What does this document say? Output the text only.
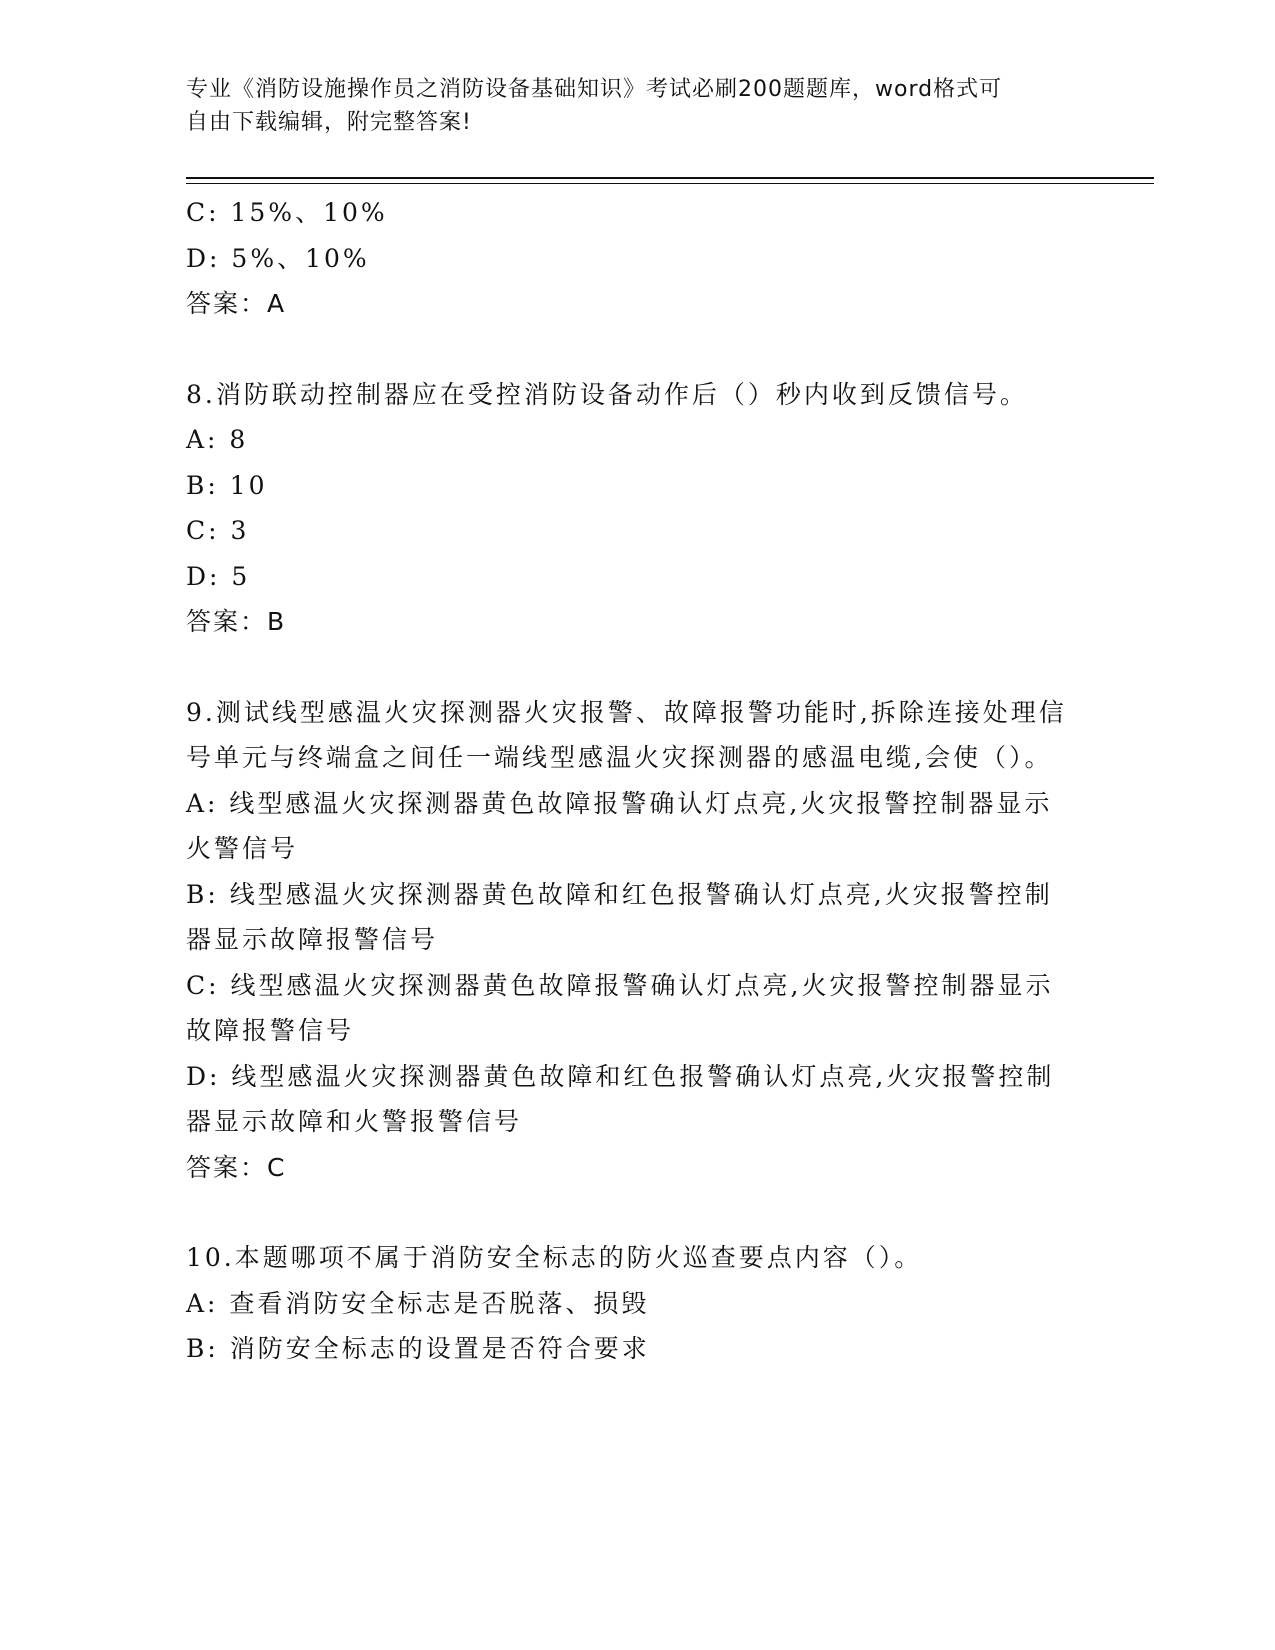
专业《消防设施操作员之消防设备基础知识》考试必刷200题题库，word格式可
自由下载编辑，附完整答案!
C: 15%、10%
D: 5%、10%
答案：A
8.消防联动控制器应在受控消防设备动作后（）秒内收到反馈信号。
A: 8
B: 10
C: 3
D: 5
答案：B
9.测试线型感温火灾探测器火灾报警、故障报警功能时,拆除连接处理信号单元与终端盒之间任一端线型感温火灾探测器的感温电缆,会使（）。
A: 线型感温火灾探测器黄色故障报警确认灯点亮,火灾报警控制器显示火警信号
B: 线型感温火灾探测器黄色故障和红色报警确认灯点亮,火灾报警控制器显示故障报警信号
C: 线型感温火灾探测器黄色故障报警确认灯点亮,火灾报警控制器显示故障报警信号
D: 线型感温火灾探测器黄色故障和红色报警确认灯点亮,火灾报警控制器显示故障和火警报警信号
答案：C
10.本题哪项不属于消防安全标志的防火巡查要点内容（）。
A: 查看消防安全标志是否脱落、损毁
B: 消防安全标志的设置是否符合要求
